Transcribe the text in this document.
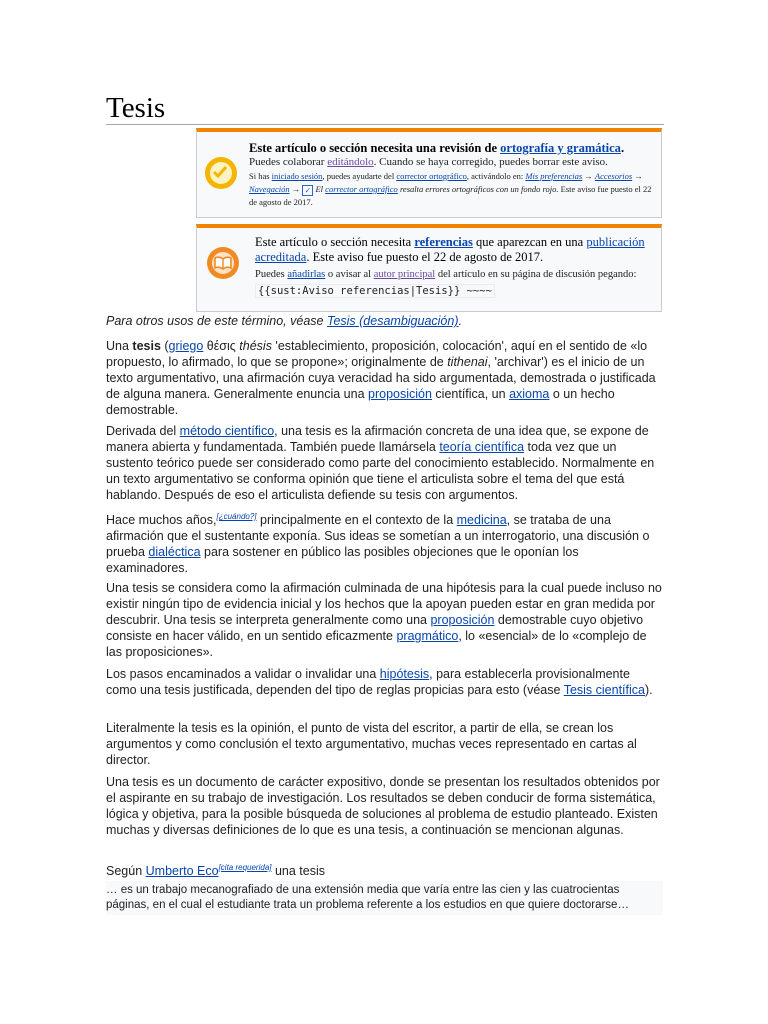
Tesis
Este artículo o sección necesita una revisión de ortografía y gramática.
Puedes colaborar editándolo. Cuando se haya corregido, puedes borrar este aviso.
Si has iniciado sesión, puedes ayudarte del corrector ortográfico, activándolo en: Mis preferencias → Accesorios → Navegación → ✓ El corrector ortográfico resalta errores ortográficos con un fondo rojo. Este aviso fue puesto el 22 de agosto de 2017.
Este artículo o sección necesita referencias que aparezcan en una publicación acreditada. Este aviso fue puesto el 22 de agosto de 2017.
Puedes añadirlas o avisar al autor principal del artículo en su página de discusión pegando: {{sust:Aviso referencias|Tesis}} ~~~~

Para otros usos de este término, véase Tesis (desambiguación).

Una tesis (griego θέσις thésis 'establecimiento, proposición, colocación', aquí en el sentido de «lo propuesto, lo afirmado, lo que se propone»; originalmente de tithenai, 'archivar') es el inicio de un texto argumentativo, una afirmación cuya veracidad ha sido argumentada, demostrada o justificada de alguna manera. Generalmente enuncia una proposición científica, un axioma o un hecho demostrable.

Derivada del método científico, una tesis es la afirmación concreta de una idea que, se expone de manera abierta y fundamentada. También puede llamársela teoría científica toda vez que un sustento teórico puede ser considerado como parte del conocimiento establecido. Normalmente en un texto argumentativo se conforma opinión que tiene el articulista sobre el tema del que está hablando. Después de eso el articulista defiende su tesis con argumentos.

Hace muchos años,[¿cuándo?] principalmente en el contexto de la medicina, se trataba de una afirmación que el sustentante exponía. Sus ideas se sometían a un interrogatorio, una discusión o prueba dialéctica para sostener en público las posibles objeciones que le oponían los examinadores.

Una tesis se considera como la afirmación culminada de una hipótesis para la cual puede incluso no existir ningún tipo de evidencia inicial y los hechos que la apoyan pueden estar en gran medida por descubrir. Una tesis se interpreta generalmente como una proposición demostrable cuyo objetivo consiste en hacer válido, en un sentido eficazmente pragmático, lo «esencial» de lo «complejo de las proposiciones».

Los pasos encaminados a validar o invalidar una hipótesis, para establecerla provisionalmente como una tesis justificada, dependen del tipo de reglas propicias para esto (véase Tesis científica).

Literalmente la tesis es la opinión, el punto de vista del escritor, a partir de ella, se crean los argumentos y como conclusión el texto argumentativo, muchas veces representado en cartas al director.

Una tesis es un documento de carácter expositivo, donde se presentan los resultados obtenidos por el aspirante en su trabajo de investigación. Los resultados se deben conducir de forma sistemática, lógica y objetiva, para la posible búsqueda de soluciones al problema de estudio planteado. Existen muchas y diversas definiciones de lo que es una tesis, a continuación se mencionan algunas.

Según Umberto Eco[cita requerida] una tesis

… es un trabajo mecanografiado de una extensión media que varía entre las cien y las cuatrocientas páginas, en el cual el estudiante trata un problema referente a los estudios en que quiere doctorarse…
